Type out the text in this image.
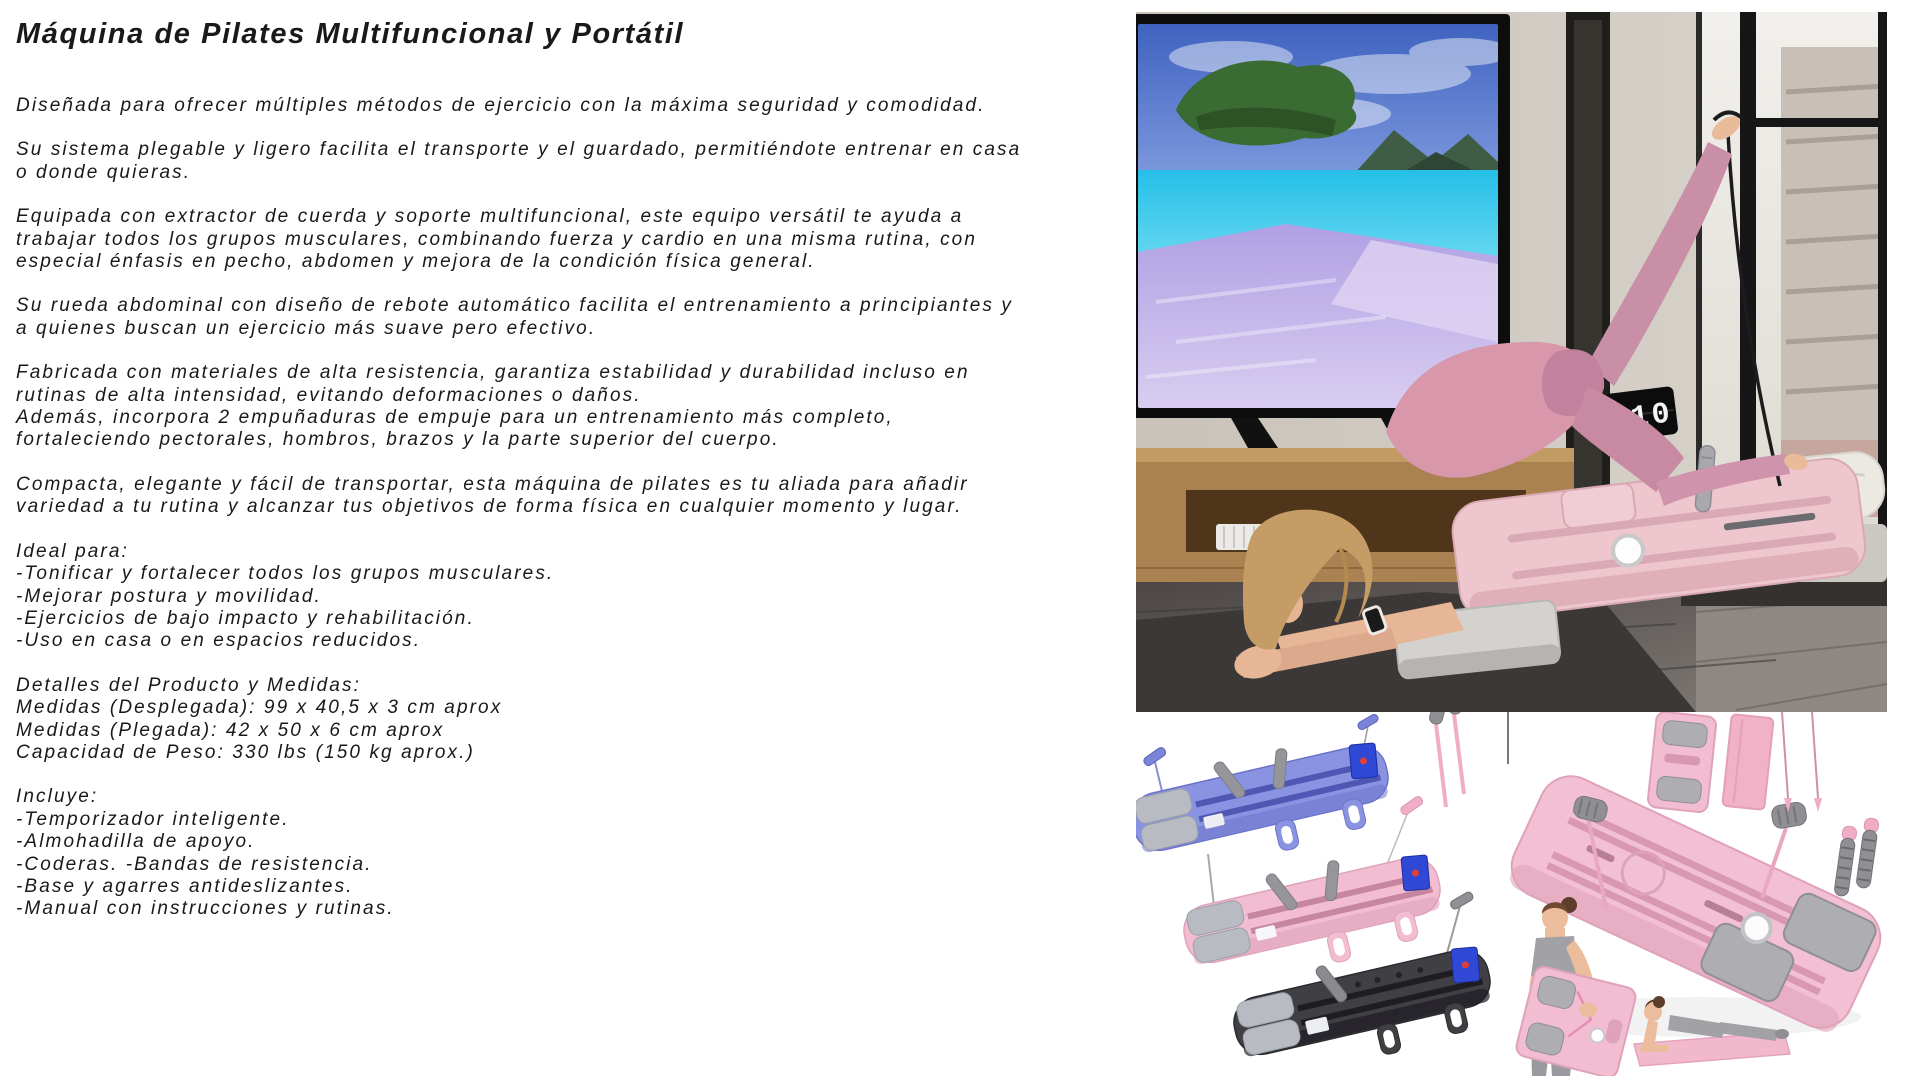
Máquina de Pilates Multifuncional y Portátil
Diseñada para ofrecer múltiples métodos de ejercicio con la máxima seguridad y comodidad.
Su sistema plegable y ligero facilita el transporte y el guardado, permitiéndote entrenar en casa
o donde quieras.
Equipada con extractor de cuerda y soporte multifuncional, este equipo versátil te ayuda a
trabajar todos los grupos musculares, combinando fuerza y cardio en una misma rutina, con
especial énfasis en pecho, abdomen y mejora de la condición física general.
Su rueda abdominal con diseño de rebote automático facilita el entrenamiento a principiantes y
a quienes buscan un ejercicio más suave pero efectivo.
Fabricada con materiales de alta resistencia, garantiza estabilidad y durabilidad incluso en
rutinas de alta intensidad, evitando deformaciones o daños.
Además, incorpora 2 empuñaduras de empuje para un entrenamiento más completo,
fortaleciendo pectorales, hombros, brazos y la parte superior del cuerpo.
Compacta, elegante y fácil de transportar, esta máquina de pilates es tu aliada para añadir
variedad a tu rutina y alcanzar tus objetivos de forma física en cualquier momento y lugar.
Ideal para:
-Tonificar y fortalecer todos los grupos musculares.
-Mejorar postura y movilidad.
-Ejercicios de bajo impacto y rehabilitación.
-Uso en casa o en espacios reducidos.
Detalles del Producto y Medidas:
Medidas (Desplegada): 99 x 40,5 x 3 cm aprox
Medidas (Plegada): 42 x 50 x 6 cm aprox
Capacidad de Peso: 330 lbs (150 kg aprox.)
Incluye:
-Temporizador inteligente.
-Almohadilla de apoyo.
-Coderas. -Bandas de resistencia.
-Base y agarres antideslizantes.
-Manual con instrucciones y rutinas.
